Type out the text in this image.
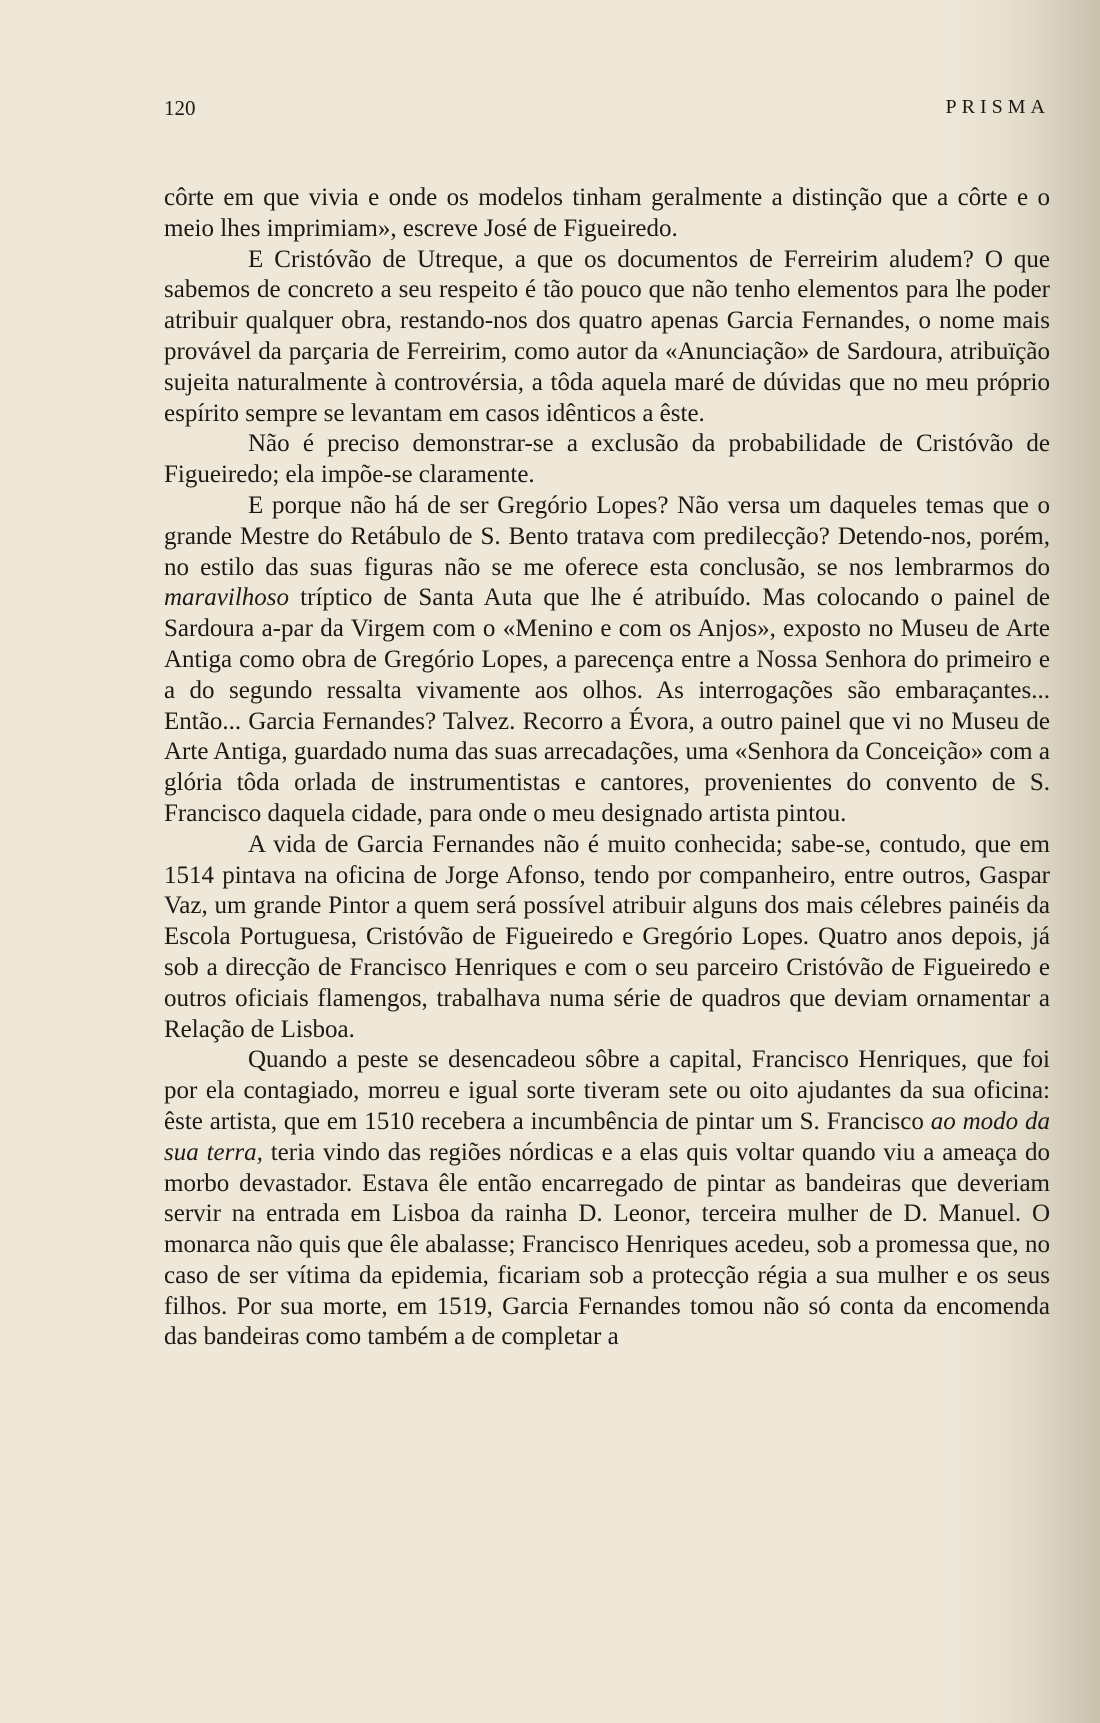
120	PRISMA

côrte em que vivia e onde os modelos tinham geralmente a distinção que a côrte e o meio lhes imprimiam», escreve José de Figueiredo.

E Cristóvão de Utreque, a que os documentos de Ferreirim aludem? O que sabemos de concreto a seu respeito é tão pouco que não tenho elementos para lhe poder atribuir qualquer obra, restando-nos dos quatro apenas Garcia Fernandes, o nome mais provável da parçaria de Ferreirim, como autor da «Anunciação» de Sardoura, atribuïção sujeita naturalmente à controvérsia, a tôda aquela maré de dúvidas que no meu próprio espírito sempre se levantam em casos idênticos a êste.

Não é preciso demonstrar-se a exclusão da probabilidade de Cristóvão de Figueiredo; ela impõe-se claramente.

E porque não há de ser Gregório Lopes? Não versa um daqueles temas que o grande Mestre do Retábulo de S. Bento tratava com predilecção? Detendo-nos, porém, no estilo das suas figuras não se me oferece esta conclusão, se nos lembrarmos do maravilhoso tríptico de Santa Auta que lhe é atribuído. Mas colocando o painel de Sardoura a-par da Virgem com o «Menino e com os Anjos», exposto no Museu de Arte Antiga como obra de Gregório Lopes, a parecença entre a Nossa Senhora do primeiro e a do segundo ressalta vivamente aos olhos. As interrogações são embaraçantes... Então... Garcia Fernandes? Talvez. Recorro a Évora, a outro painel que vi no Museu de Arte Antiga, guardado numa das suas arrecadações, uma «Senhora da Conceição» com a glória tôda orlada de instrumentistas e cantores, provenientes do convento de S. Francisco daquela cidade, para onde o meu designado artista pintou.

A vida de Garcia Fernandes não é muito conhecida; sabe-se, contudo, que em 1514 pintava na oficina de Jorge Afonso, tendo por companheiro, entre outros, Gaspar Vaz, um grande Pintor a quem será possível atribuir alguns dos mais célebres painéis da Escola Portuguesa, Cristóvão de Figueiredo e Gregório Lopes. Quatro anos depois, já sob a direcção de Francisco Henriques e com o seu parceiro Cristóvão de Figueiredo e outros oficiais flamengos, trabalhava numa série de quadros que deviam ornamentar a Relação de Lisboa.

Quando a peste se desencadeou sôbre a capital, Francisco Henriques, que foi por ela contagiado, morreu e igual sorte tiveram sete ou oito ajudantes da sua oficina: êste artista, que em 1510 recebera a incumbência de pintar um S. Francisco ao modo da sua terra, teria vindo das regiões nórdicas e a elas quis voltar quando viu a ameaça do morbo devastador. Estava êle então encarregado de pintar as bandeiras que deveriam servir na entrada em Lisboa da rainha D. Leonor, terceira mulher de D. Manuel. O monarca não quis que êle abalasse; Francisco Henriques acedeu, sob a promessa que, no caso de ser vítima da epidemia, ficariam sob a protecção régia a sua mulher e os seus filhos. Por sua morte, em 1519, Garcia Fernandes tomou não só conta da encomenda das bandeiras como também a de completar a
